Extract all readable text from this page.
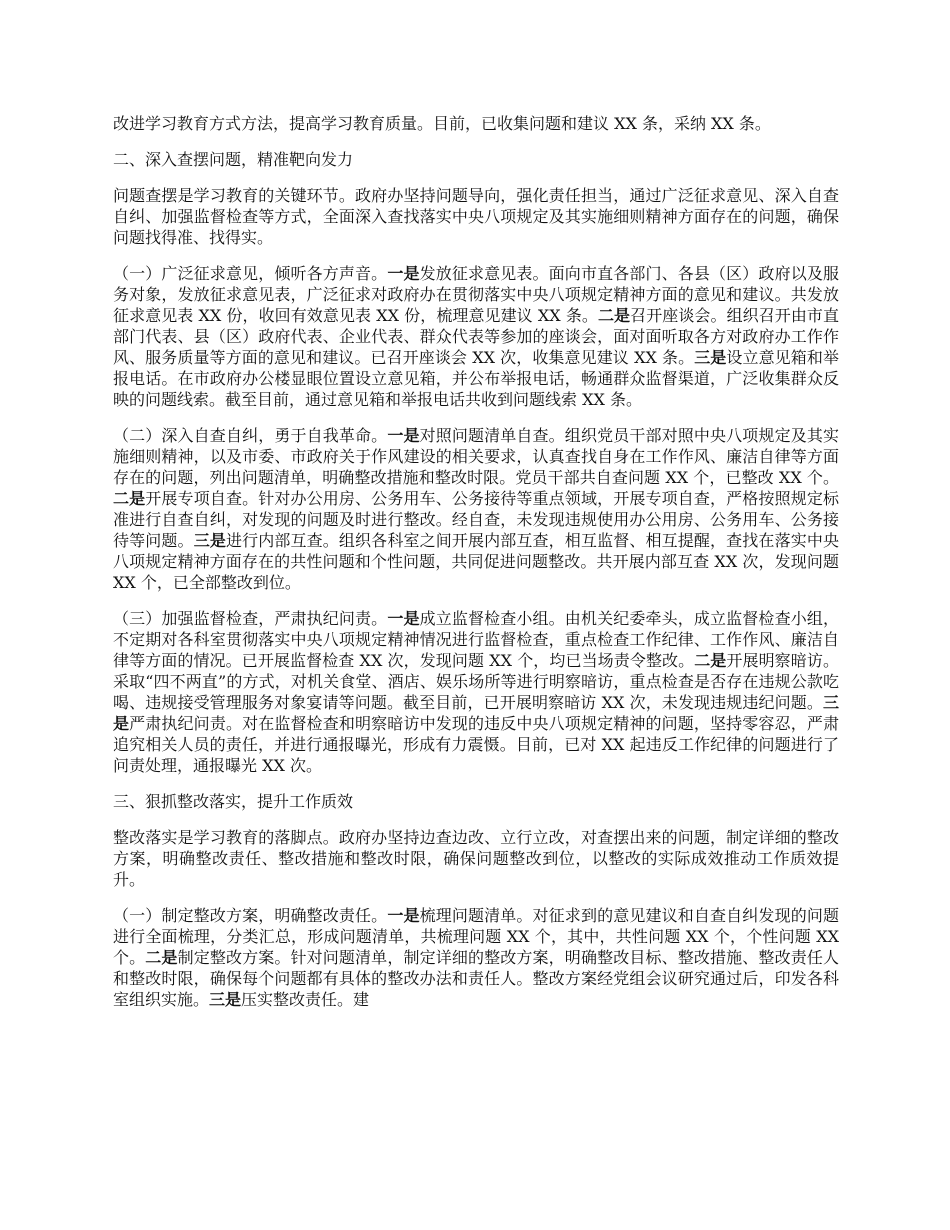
改进学习教育方式方法，提高学习教育质量。目前，已收集问题和建议 XX 条，采纳 XX 条。

二、深入查摆问题，精准靶向发力

问题查摆是学习教育的关键环节。政府办坚持问题导向，强化责任担当，通过广泛征求意见、深入自查自纠、加强监督检查等方式，全面深入查找落实中央八项规定及其实施细则精神方面存在的问题，确保问题找得准、找得实。

（一）广泛征求意见，倾听各方声音。一是发放征求意见表。面向市直各部门、各县（区）政府以及服务对象，发放征求意见表，广泛征求对政府办在贯彻落实中央八项规定精神方面的意见和建议。共发放征求意见表 XX 份，收回有效意见表 XX 份，梳理意见建议 XX 条。二是召开座谈会。组织召开由市直部门代表、县（区）政府代表、企业代表、群众代表等参加的座谈会，面对面听取各方对政府办工作作风、服务质量等方面的意见和建议。已召开座谈会 XX 次，收集意见建议 XX 条。三是设立意见箱和举报电话。在市政府办公楼显眼位置设立意见箱，并公布举报电话，畅通群众监督渠道，广泛收集群众反映的问题线索。截至目前，通过意见箱和举报电话共收到问题线索 XX 条。

（二）深入自查自纠，勇于自我革命。一是对照问题清单自查。组织党员干部对照中央八项规定及其实施细则精神，以及市委、市政府关于作风建设的相关要求，认真查找自身在工作作风、廉洁自律等方面存在的问题，列出问题清单，明确整改措施和整改时限。党员干部共自查问题 XX 个，已整改 XX 个。二是开展专项自查。针对办公用房、公务用车、公务接待等重点领域，开展专项自查，严格按照规定标准进行自查自纠，对发现的问题及时进行整改。经自查，未发现违规使用办公用房、公务用车、公务接待等问题。三是进行内部互查。组织各科室之间开展内部互查，相互监督、相互提醒，查找在落实中央八项规定精神方面存在的共性问题和个性问题，共同促进问题整改。共开展内部互查 XX 次，发现问题 XX 个，已全部整改到位。

（三）加强监督检查，严肃执纪问责。一是成立监督检查小组。由机关纪委牵头，成立监督检查小组，不定期对各科室贯彻落实中央八项规定精神情况进行监督检查，重点检查工作纪律、工作作风、廉洁自律等方面的情况。已开展监督检查 XX 次，发现问题 XX 个，均已当场责令整改。二是开展明察暗访。采取“四不两直”的方式，对机关食堂、酒店、娱乐场所等进行明察暗访，重点检查是否存在违规公款吃喝、违规接受管理服务对象宴请等问题。截至目前，已开展明察暗访 XX 次，未发现违规违纪问题。三是严肃执纪问责。对在监督检查和明察暗访中发现的违反中央八项规定精神的问题，坚持零容忍，严肃追究相关人员的责任，并进行通报曝光，形成有力震慑。目前，已对 XX 起违反工作纪律的问题进行了问责处理，通报曝光 XX 次。

三、狠抓整改落实，提升工作质效

整改落实是学习教育的落脚点。政府办坚持边查边改、立行立改，对查摆出来的问题，制定详细的整改方案，明确整改责任、整改措施和整改时限，确保问题整改到位，以整改的实际成效推动工作质效提升。

（一）制定整改方案，明确整改责任。一是梳理问题清单。对征求到的意见建议和自查自纠发现的问题进行全面梳理，分类汇总，形成问题清单，共梳理问题 XX 个，其中，共性问题 XX 个，个性问题 XX 个。二是制定整改方案。针对问题清单，制定详细的整改方案，明确整改目标、整改措施、整改责任人和整改时限，确保每个问题都有具体的整改办法和责任人。整改方案经党组会议研究通过后，印发各科室组织实施。三是压实整改责任。建
